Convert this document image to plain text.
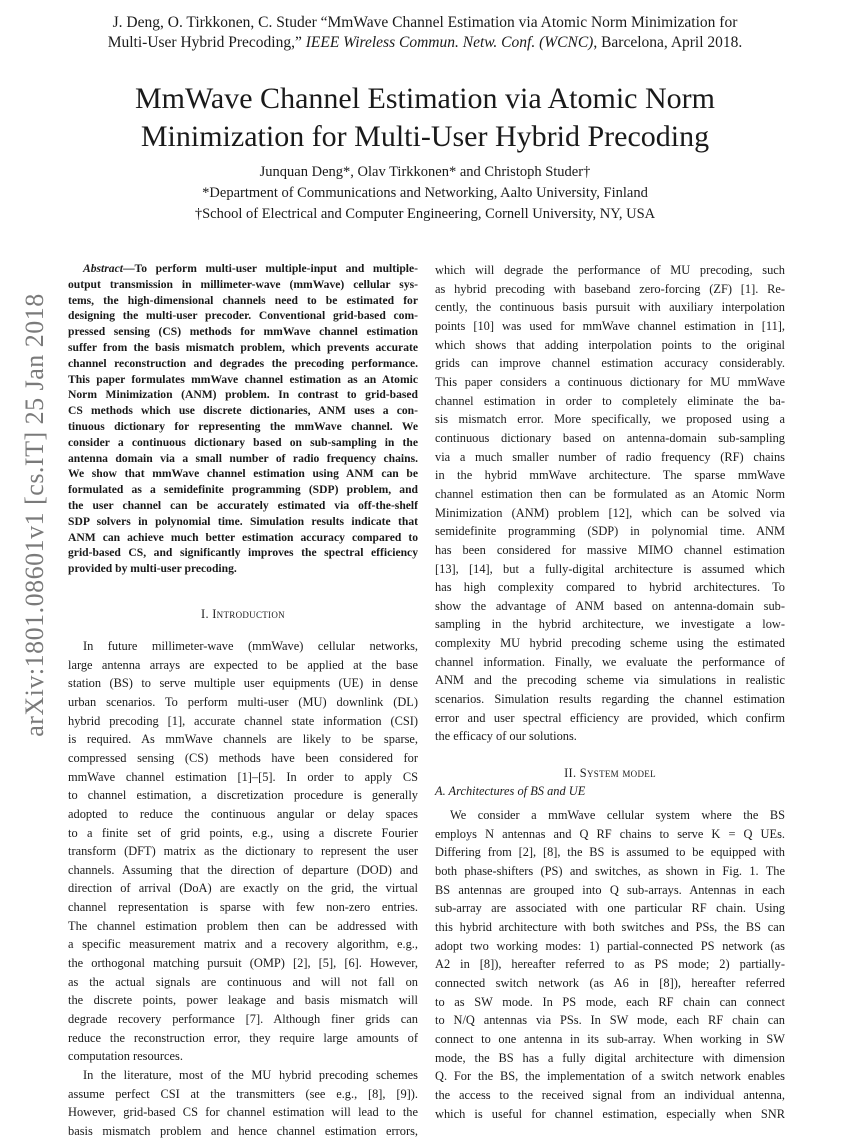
J. Deng, O. Tirkkonen, C. Studer “MmWave Channel Estimation via Atomic Norm Minimization for
Multi-User Hybrid Precoding,” IEEE Wireless Commun. Netw. Conf. (WCNC), Barcelona, April 2018.
MmWave Channel Estimation via Atomic Norm
Minimization for Multi-User Hybrid Precoding
Junquan Deng*, Olav Tirkkonen* and Christoph Studer†
*Department of Communications and Networking, Aalto University, Finland
†School of Electrical and Computer Engineering, Cornell University, NY, USA
arXiv:1801.08601v1 [cs.IT] 25 Jan 2018
Abstract—To perform multi-user multiple-input and multiple-
output transmission in millimeter-wave (mmWave) cellular sys-
tems, the high-dimensional channels need to be estimated for
designing the multi-user precoder. Conventional grid-based com-
pressed sensing (CS) methods for mmWave channel estimation
suffer from the basis mismatch problem, which prevents accurate
channel reconstruction and degrades the precoding performance.
This paper formulates mmWave channel estimation as an Atomic
Norm Minimization (ANM) problem. In contrast to grid-based
CS methods which use discrete dictionaries, ANM uses a con-
tinuous dictionary for representing the mmWave channel. We
consider a continuous dictionary based on sub-sampling in the
antenna domain via a small number of radio frequency chains.
We show that mmWave channel estimation using ANM can be
formulated as a semidefinite programming (SDP) problem, and
the user channel can be accurately estimated via off-the-shelf
SDP solvers in polynomial time. Simulation results indicate that
ANM can achieve much better estimation accuracy compared to
grid-based CS, and significantly improves the spectral efficiency
provided by multi-user precoding.
I. Introduction
In future millimeter-wave (mmWave) cellular networks,
large antenna arrays are expected to be applied at the base
station (BS) to serve multiple user equipments (UE) in dense
urban scenarios. To perform multi-user (MU) downlink (DL)
hybrid precoding [1], accurate channel state information (CSI)
is required. As mmWave channels are likely to be sparse,
compressed sensing (CS) methods have been considered for
mmWave channel estimation [1]–[5]. In order to apply CS
to channel estimation, a discretization procedure is generally
adopted to reduce the continuous angular or delay spaces
to a finite set of grid points, e.g., using a discrete Fourier
transform (DFT) matrix as the dictionary to represent the user
channels. Assuming that the direction of departure (DOD) and
direction of arrival (DoA) are exactly on the grid, the virtual
channel representation is sparse with few non-zero entries.
The channel estimation problem then can be addressed with
a specific measurement matrix and a recovery algorithm, e.g.,
the orthogonal matching pursuit (OMP) [2], [5], [6]. However,
as the actual signals are continuous and will not fall on
the discrete points, power leakage and basis mismatch will
degrade recovery performance [7]. Although finer grids can
reduce the reconstruction error, they require large amounts of
computation resources.
In the literature, most of the MU hybrid precoding schemes
assume perfect CSI at the transmitters (see e.g., [8], [9]).
However, grid-based CS for channel estimation will lead to the
basis mismatch problem and hence channel estimation errors,
which will degrade the performance of MU precoding, such
as hybrid precoding with baseband zero-forcing (ZF) [1]. Re-
cently, the continuous basis pursuit with auxiliary interpolation
points [10] was used for mmWave channel estimation in [11],
which shows that adding interpolation points to the original
grids can improve channel estimation accuracy considerably.
This paper considers a continuous dictionary for MU mmWave
channel estimation in order to completely eliminate the ba-
sis mismatch error. More specifically, we proposed using a
continuous dictionary based on antenna-domain sub-sampling
via a much smaller number of radio frequency (RF) chains
in the hybrid mmWave architecture. The sparse mmWave
channel estimation then can be formulated as an Atomic Norm
Minimization (ANM) problem [12], which can be solved via
semidefinite programming (SDP) in polynomial time. ANM
has been considered for massive MIMO channel estimation
[13], [14], but a fully-digital architecture is assumed which
has high complexity compared to hybrid architectures. To
show the advantage of ANM based on antenna-domain sub-
sampling in the hybrid architecture, we investigate a low-
complexity MU hybrid precoding scheme using the estimated
channel information. Finally, we evaluate the performance of
ANM and the precoding scheme via simulations in realistic
scenarios. Simulation results regarding the channel estimation
error and user spectral efficiency are provided, which confirm
the efficacy of our solutions.
II. System model
A. Architectures of BS and UE
We consider a mmWave cellular system where the BS
employs N antennas and Q RF chains to serve K = Q UEs.
Differing from [2], [8], the BS is assumed to be equipped with
both phase-shifters (PS) and switches, as shown in Fig. 1. The
BS antennas are grouped into Q sub-arrays. Antennas in each
sub-array are associated with one particular RF chain. Using
this hybrid architecture with both switches and PSs, the BS can
adopt two working modes: 1) partial-connected PS network (as
A2 in [8]), hereafter referred to as PS mode; 2) partially-
connected switch network (as A6 in [8]), hereafter referred
to as SW mode. In PS mode, each RF chain can connect
to N/Q antennas via PSs. In SW mode, each RF chain can
connect to one antenna in its sub-array. When working in SW
mode, the BS has a fully digital architecture with dimension
Q. For the BS, the implementation of a switch network enables
the access to the received signal from an individual antenna,
which is useful for channel estimation, especially when SNR
